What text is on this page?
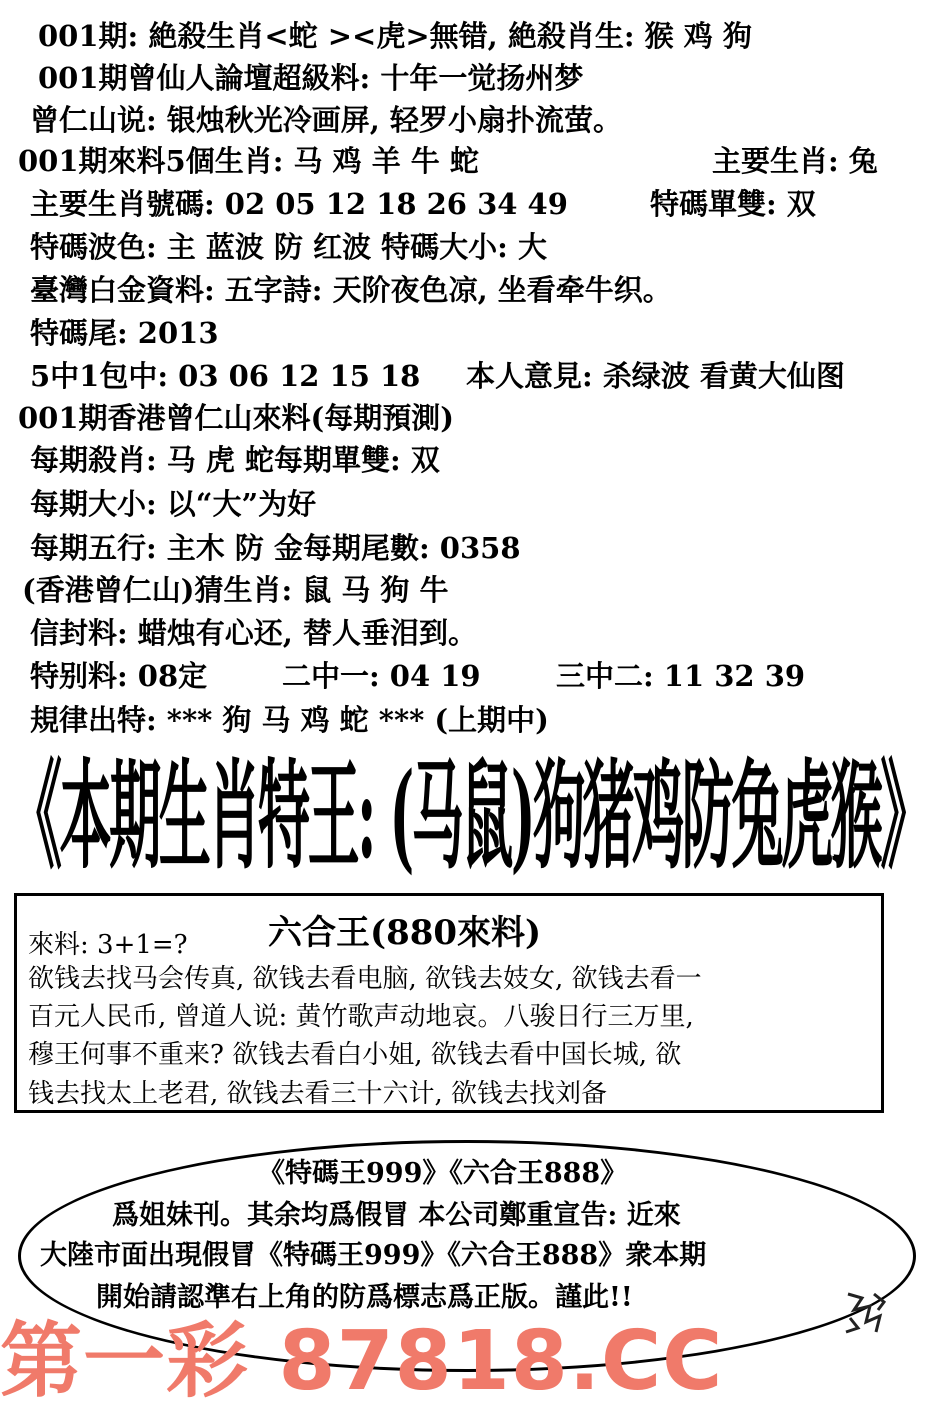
001期: 絶殺生肖<蛇 ><虎>無错, 絶殺肖生: 猴 鸡 狗
001期曾仙人論壇超級料: 十年一觉扬州梦
曾仁山说: 银烛秋光冷画屏, 轻罗小扇扑流萤。
001期來料5個生肖: 马 鸡 羊 牛 蛇	主要生肖: 兔
主要生肖號碼: 02 05 12 18 26 34 49	特碼單雙: 双
特碼波色: 主 蓝波 防 红波 特碼大小: 大
臺灣白金資料: 五字詩: 天阶夜色凉, 坐看牵牛织。
特碼尾: 2013
5中1包中: 03 06 12 15 18 本人意見: 杀绿波 看黄大仙图
001期香港曾仁山來料(每期預測)
每期殺肖: 马 虎 蛇每期單雙: 双
每期大小: 以“大”为好
每期五行: 主木 防 金每期尾數: 0358
(香港曾仁山)猜生肖: 鼠 马 狗 牛
信封料: 蜡烛有心还, 替人垂泪到。
特别料: 08定	二中一: 04 19	三中二: 11 32 39
規律出特: *** 狗 马 鸡 蛇 *** (上期中)
《本期生肖特王: (马鼠)狗猪鸡防兔虎猴》
六合王(880來料)
來料: 3+1=?
欲钱去找马会传真, 欲钱去看电脑, 欲钱去妓女, 欲钱去看一
百元人民币, 曾道人说: 黄竹歌声动地哀。八骏日行三万里,
穆王何事不重来? 欲钱去看白小姐, 欲钱去看中国长城, 欲
钱去找太上老君, 欲钱去看三十六计, 欲钱去找刘备
《特碼王999》《六合王888》
爲姐妹刊。其余均爲假冒 本公司鄭重宣告: 近來
大陸市面出現假冒《特碼王999》《六合王888》衆本期
開始請認準右上角的防爲標志爲正版。謹此!!
第一彩 87818.CC
